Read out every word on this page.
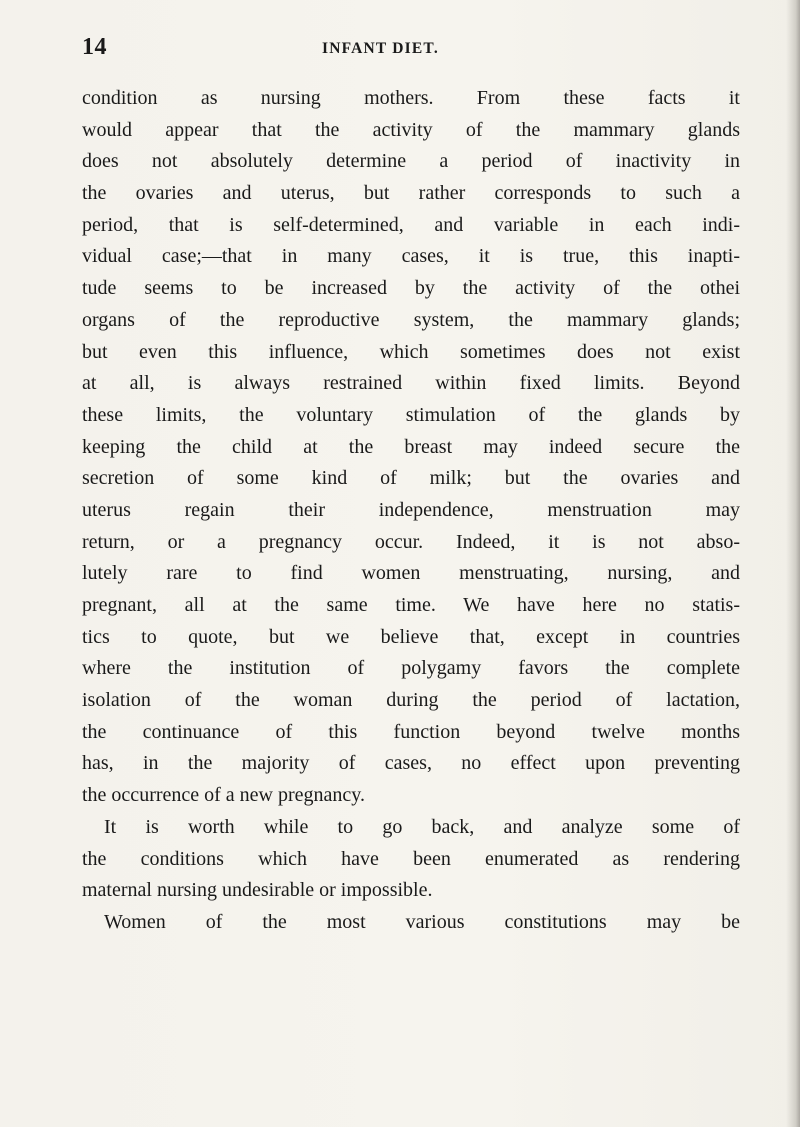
14	INFANT DIET.
condition as nursing mothers. From these facts it
would appear that the activity of the mammary glands
does not absolutely determine a period of inactivity in
the ovaries and uterus, but rather corresponds to such a
period, that is self-determined, and variable in each indi-
vidual case;—that in many cases, it is true, this inapti-
tude seems to be increased by the activity of the othei
organs of the reproductive system, the mammary glands;
but even this influence, which sometimes does not exist
at all, is always restrained within fixed limits. Beyond
these limits, the voluntary stimulation of the glands by
keeping the child at the breast may indeed secure the
secretion of some kind of milk; but the ovaries and
uterus regain their independence, menstruation may
return, or a pregnancy occur. Indeed, it is not abso-
lutely rare to find women menstruating, nursing, and
pregnant, all at the same time. We have here no statis-
tics to quote, but we believe that, except in countries
where the institution of polygamy favors the complete
isolation of the woman during the period of lactation,
the continuance of this function beyond twelve months
has, in the majority of cases, no effect upon preventing
the occurrence of a new pregnancy.
It is worth while to go back, and analyze some of
the conditions which have been enumerated as rendering
maternal nursing undesirable or impossible.
Women of the most various constitutions may be
